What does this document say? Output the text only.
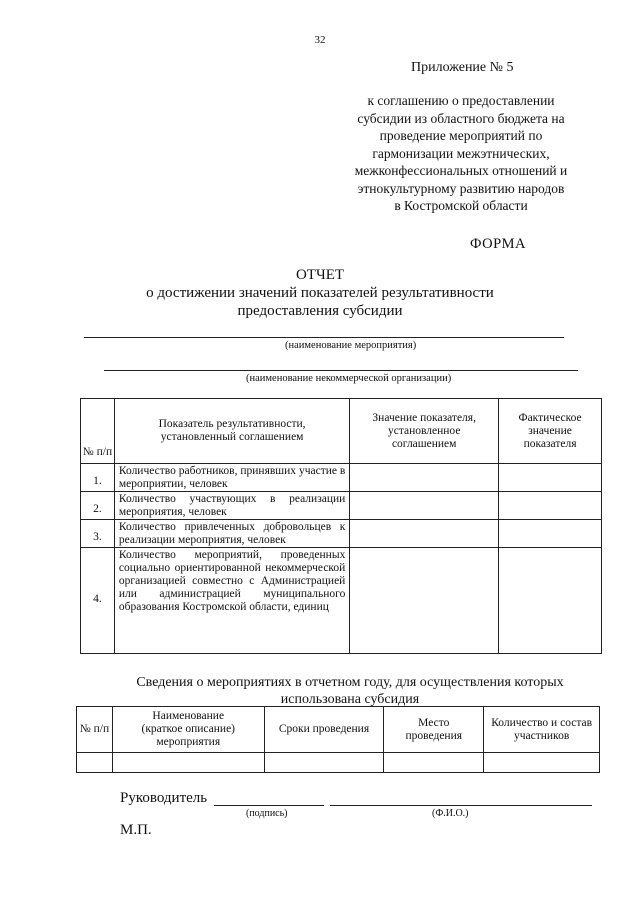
32
Приложение № 5
к соглашению о предоставлении
субсидии из областного бюджета на
проведение мероприятий по
гармонизации межэтнических,
межконфессиональных отношений и
этнокультурному развитию народов
в Костромской области
ФОРМА
ОТЧЕТ
о достижении значений показателей результативности
предоставления субсидии
(наименование мероприятия)
(наименование некоммерческой организации)
№ п/п	Показатель результативности, установленный соглашением	Значение показателя, установленное соглашением	Фактическое значение показателя
1.	Количество работников, принявших участие в мероприятии, человек		
2.	Количество участвующих в реализации мероприятия, человек		
3.	Количество привлеченных добровольцев к реализации мероприятия, человек		
4.	Количество мероприятий, проведенных социально ориентированной некоммерческой организацией совместно с Администрацией или администрацией муниципального образования Костромской области, единиц		
Сведения о мероприятиях в отчетном году, для осуществления которых использована субсидия
№ п/п	Наименование (краткое описание) мероприятия	Сроки проведения	Место проведения	Количество и состав участников

Руководитель
(подпись)	(Ф.И.О.)
М.П.
